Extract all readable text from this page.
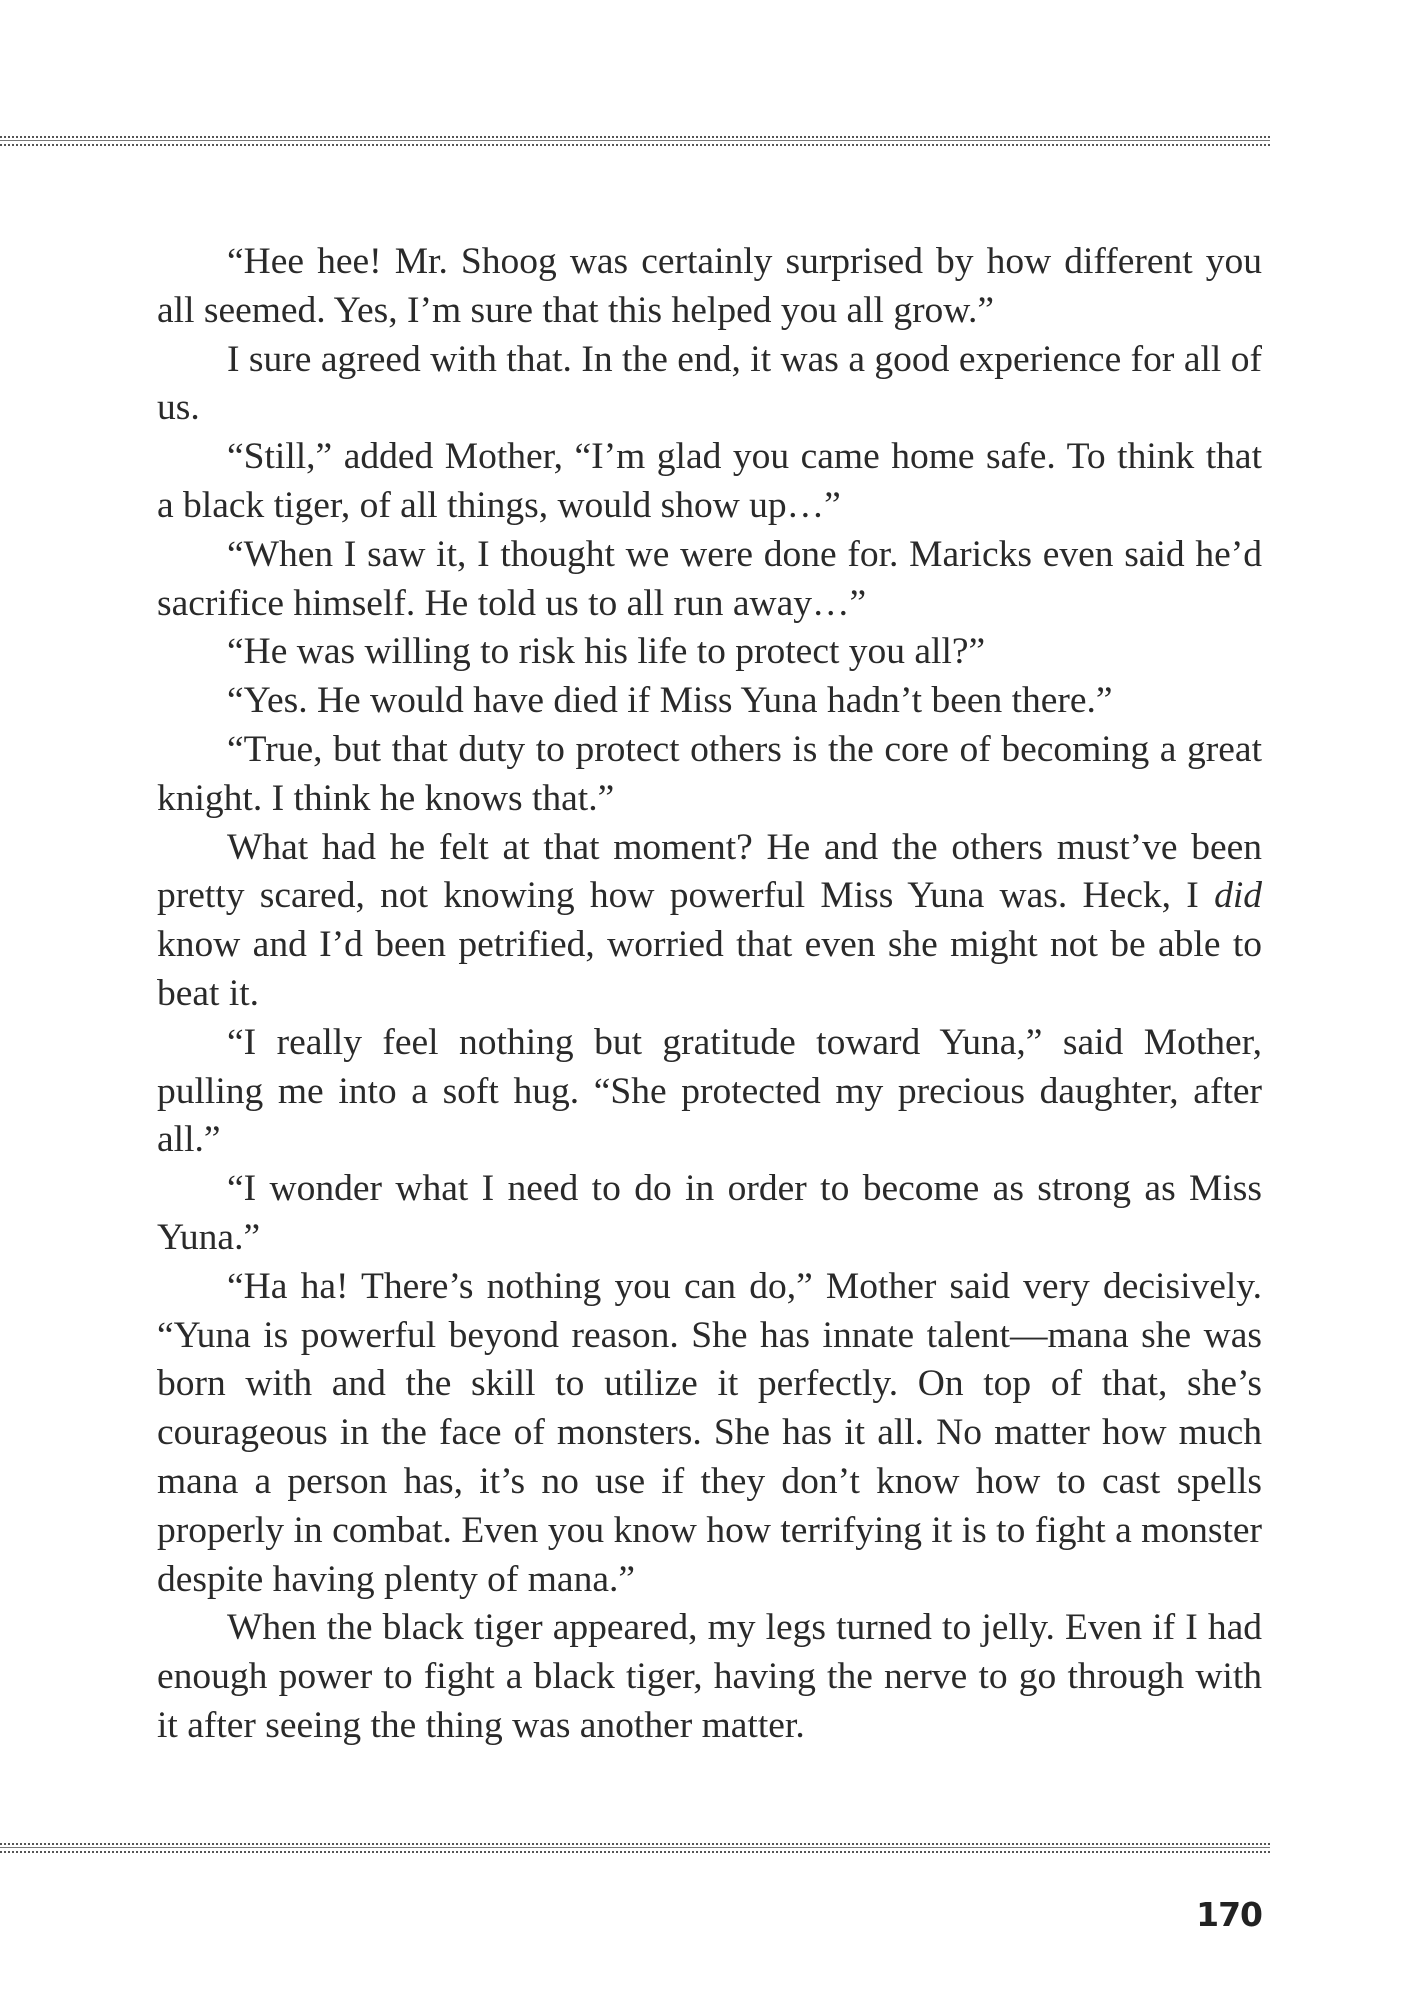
“Hee hee! Mr. Shoog was certainly surprised by how different you all seemed. Yes, I’m sure that this helped you all grow.”

I sure agreed with that. In the end, it was a good experience for all of us.

“Still,” added Mother, “I’m glad you came home safe. To think that a black tiger, of all things, would show up…”

“When I saw it, I thought we were done for. Maricks even said he’d sacrifice himself. He told us to all run away…”

“He was willing to risk his life to protect you all?”

“Yes. He would have died if Miss Yuna hadn’t been there.”

“True, but that duty to protect others is the core of becoming a great knight. I think he knows that.”

What had he felt at that moment? He and the others must’ve been pretty scared, not knowing how powerful Miss Yuna was. Heck, I did know and I’d been petrified, worried that even she might not be able to beat it.

“I really feel nothing but gratitude toward Yuna,” said Mother, pulling me into a soft hug. “She protected my precious daughter, after all.”

“I wonder what I need to do in order to become as strong as Miss Yuna.”

“Ha ha! There’s nothing you can do,” Mother said very decisively. “Yuna is powerful beyond reason. She has innate talent—mana she was born with and the skill to utilize it perfectly. On top of that, she’s courageous in the face of monsters. She has it all. No matter how much mana a person has, it’s no use if they don’t know how to cast spells properly in combat. Even you know how terrifying it is to fight a monster despite having plenty of mana.”

When the black tiger appeared, my legs turned to jelly. Even if I had enough power to fight a black tiger, having the nerve to go through with it after seeing the thing was another matter.

170
